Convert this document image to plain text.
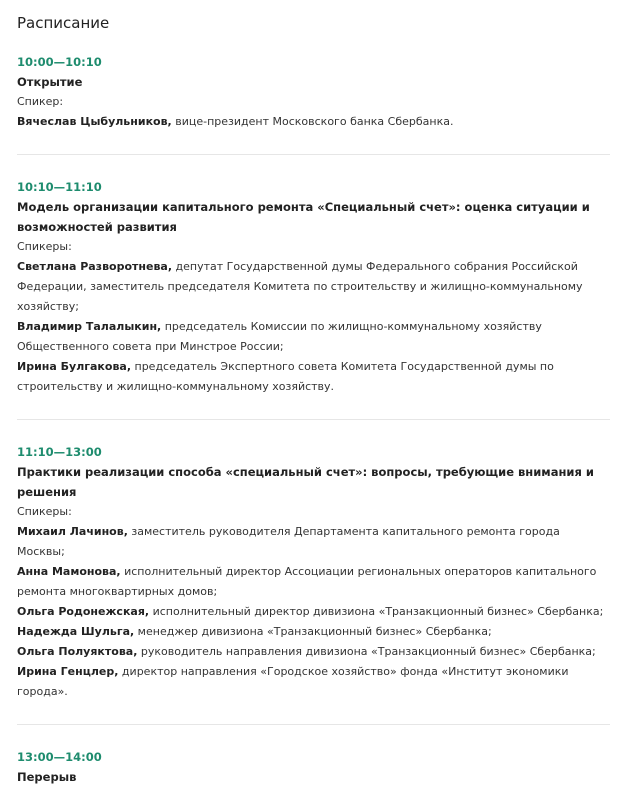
Расписание
10:00—10:10
Открытие
Спикер:
Вячеслав Цыбульников, вице-президент Московского банка Сбербанка.
10:10—11:10
Модель организации капитального ремонта «Специальный счет»: оценка ситуации и возможностей развития
Спикеры:
Светлана Разворотнева, депутат Государственной думы Федерального собрания Российской Федерации, заместитель председателя Комитета по строительству и жилищно-коммунальному хозяйству;
Владимир Талалыкин, председатель Комиссии по жилищно-коммунальному хозяйству Общественного совета при Минстрое России;
Ирина Булгакова, председатель Экспертного совета Комитета Государственной думы по строительству и жилищно-коммунальному хозяйству.
11:10—13:00
Практики реализации способа «специальный счет»: вопросы, требующие внимания и решения
Спикеры:
Михаил Лачинов, заместитель руководителя Департамента капитального ремонта города Москвы;
Анна Мамонова, исполнительный директор Ассоциации региональных операторов капитального ремонта многоквартирных домов;
Ольга Родонежская, исполнительный директор дивизиона «Транзакционный бизнес» Сбербанка;
Надежда Шульга, менеджер дивизиона «Транзакционный бизнес» Сбербанка;
Ольга Полуяктова, руководитель направления дивизиона «Транзакционный бизнес» Сбербанка;
Ирина Генцлер, директор направления «Городское хозяйство» фонда «Институт экономики города».
13:00—14:00
Перерыв
